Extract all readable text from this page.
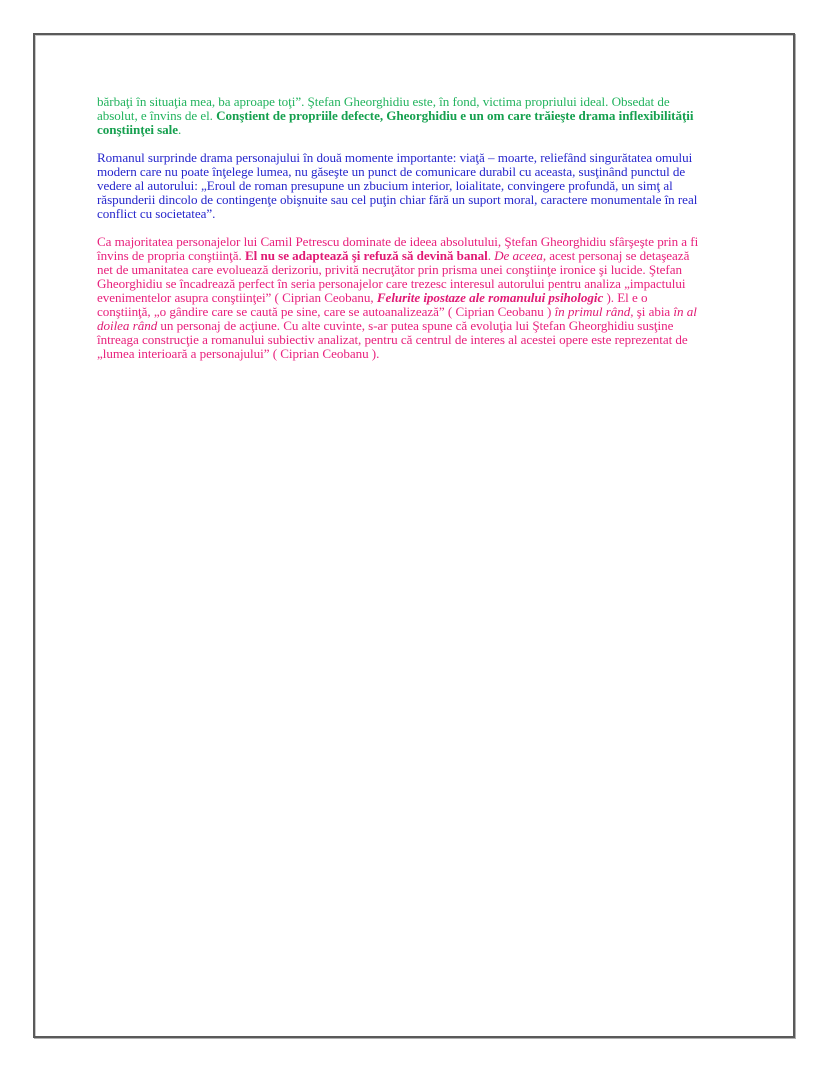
bărbaţi în situaţia mea, ba aproape toţi”. Ştefan Gheorghidiu este, în fond, victima propriului ideal. Obsedat de
absolut, e învins de el. Conştient de propriile defecte, Gheorghidiu e un om care trăieşte drama inflexibilităţii
conştiinţei sale.

Romanul surprinde drama personajului în două momente importante: viaţă – moarte, reliefând singurătatea omului
modern care nu poate înţelege lumea, nu găseşte un punct de comunicare durabil cu aceasta, susţinând punctul de
vedere al autorului: „Eroul de roman presupune un zbucium interior, loialitate, convingere profundă, un simţ al
răspunderii dincolo de contingenţe obişnuite sau cel puţin chiar fără un suport moral, caractere monumentale în real
conflict cu societatea”.

Ca majoritatea personajelor lui Camil Petrescu dominate de ideea absolutului, Ştefan Gheorghidiu sfârşeşte prin a fi
învins de propria conştiinţă. El nu se adaptează şi refuză să devină banal. De aceea, acest personaj se detaşează
net de umanitatea care evoluează derizoriu, privită necruţător prin prisma unei conştiinţe ironice şi lucide. Ştefan
Gheorghidiu se încadrează perfect în seria personajelor care trezesc interesul autorului pentru analiza „impactului
evenimentelor asupra conştiinţei” ( Ciprian Ceobanu, Felurite ipostaze ale romanului psihologic ). El e o
conştiinţă, „o gândire care se caută pe sine, care se autoanalizează” ( Ciprian Ceobanu ) în primul rând, şi abia în al
doilea rând un personaj de acţiune. Cu alte cuvinte, s-ar putea spune că evoluţia lui Ştefan Gheorghidiu susţine
întreaga construcţie a romanului subiectiv analizat, pentru că centrul de interes al acestei opere este reprezentat de
„lumea interioară a personajului” ( Ciprian Ceobanu ).
